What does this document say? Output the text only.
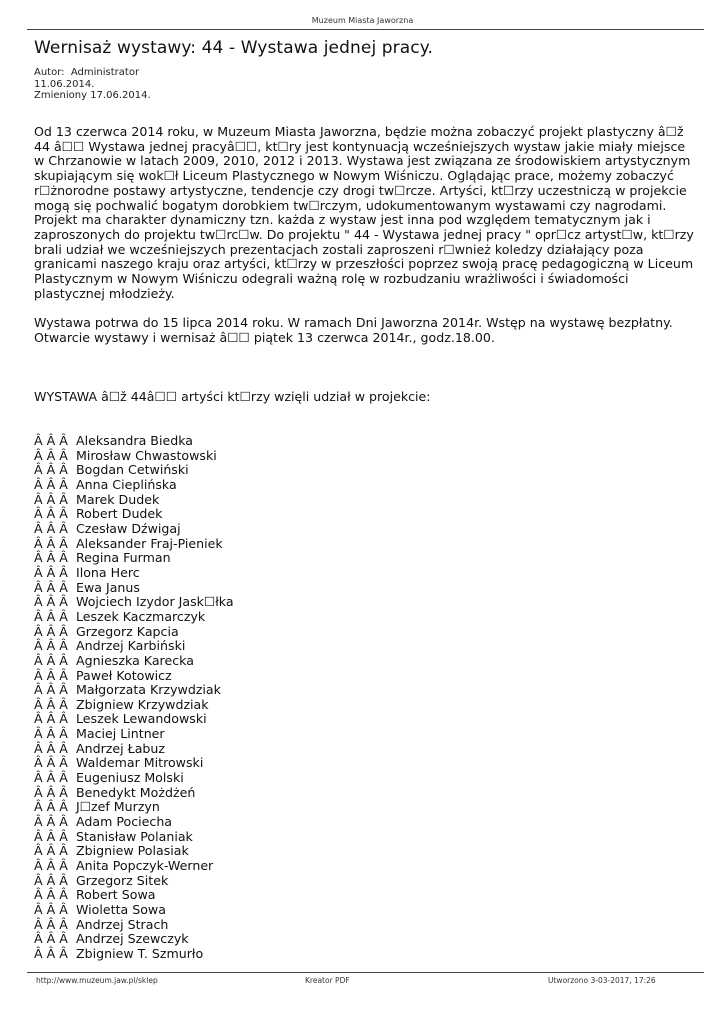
Muzeum Miasta Jaworzna
Wernisaż wystawy: 44 - Wystawa jednej pracy.
Autor:  Administrator
11.06.2014.
Zmieniony 17.06.2014.

Od 13 czerwca 2014 roku, w Muzeum Miasta Jaworzna, będzie można zobaczyć projekt plastyczny â☐ž 44 â☐☐ Wystawa jednej pracyâ☐☐, kt☐ry jest kontynuacją wcześniejszych wystaw jakie miały miejsce w Chrzanowie w latach 2009, 2010, 2012 i 2013. Wystawa jest związana ze środowiskiem artystycznym skupiającym się wok☐ł Liceum Plastycznego w Nowym Wiśniczu. Oglądając prace, możemy zobaczyć r☐żnorodne postawy artystyczne, tendencje czy drogi tw☐rcze. Artyści, kt☐rzy uczestniczą w projekcie mogą się pochwalić bogatym dorobkiem tw☐rczym, udokumentowanym wystawami czy nagrodami.

Projekt ma charakter dynamiczny tzn. każda z wystaw jest inna pod względem tematycznym jak i zaproszonych do projektu tw☐rc☐w. Do projektu " 44 - Wystawa jednej pracy " opr☐cz artyst☐w, kt☐rzy brali udział we wcześniejszych prezentacjach zostali zaproszeni r☐wnież koledzy działający poza granicami naszego kraju oraz artyści, kt☐rzy w przeszłości poprzez swoją pracę pedagogiczną w Liceum Plastycznym w Nowym Wiśniczu odegrali ważną rolę w rozbudzaniu wrażliwości i świadomości plastycznej młodzieży.

Wystawa potrwa do 15 lipca 2014 roku. W ramach Dni Jaworzna 2014r. Wstęp na wystawę bezpłatny. Otwarcie wystawy i wernisaż â☐☐ piątek 13 czerwca 2014r., godz.18.00.

WYSTAWA â☐ž 44â☐☐ artyści kt☐rzy wzięli udział w projekcie:
Â Â Â Aleksandra Biedka
Â Â Â Mirosław Chwastowski
Â Â Â Bogdan Cetwiński
Â Â Â Anna Cieplińska
Â Â Â Marek Dudek
Â Â Â Robert Dudek
Â Â Â Czesław Dźwigaj
Â Â Â Aleksander Fraj-Pieniek
Â Â Â Regina Furman
Â Â Â Ilona Herc
Â Â Â Ewa Janus
Â Â Â Wojciech Izydor Jask☐łka
Â Â Â Leszek Kaczmarczyk
Â Â Â Grzegorz Kapcia
Â Â Â Andrzej Karbiński
Â Â Â Agnieszka Karecka
Â Â Â Paweł Kotowicz
Â Â Â Małgorzata Krzywdziak
Â Â Â Zbigniew Krzywdziak
Â Â Â Leszek Lewandowski
Â Â Â Maciej Lintner
Â Â Â Andrzej Łabuz
Â Â Â Waldemar Mitrowski
Â Â Â Eugeniusz Molski
Â Â Â Benedykt Możdżeń
Â Â Â J☐zef Murzyn
Â Â Â Adam Pociecha
Â Â Â Stanisław Polaniak
Â Â Â Zbigniew Polasiak
Â Â Â Anita Popczyk-Werner
Â Â Â Grzegorz Sitek
Â Â Â Robert Sowa
Â Â Â Wioletta Sowa
Â Â Â Andrzej Strach
Â Â Â Andrzej Szewczyk
Â Â Â Zbigniew T. Szmurło
http://www.muzeum.jaw.pl/sklep	Kreator PDF	Utworzono 3-03-2017, 17:26
